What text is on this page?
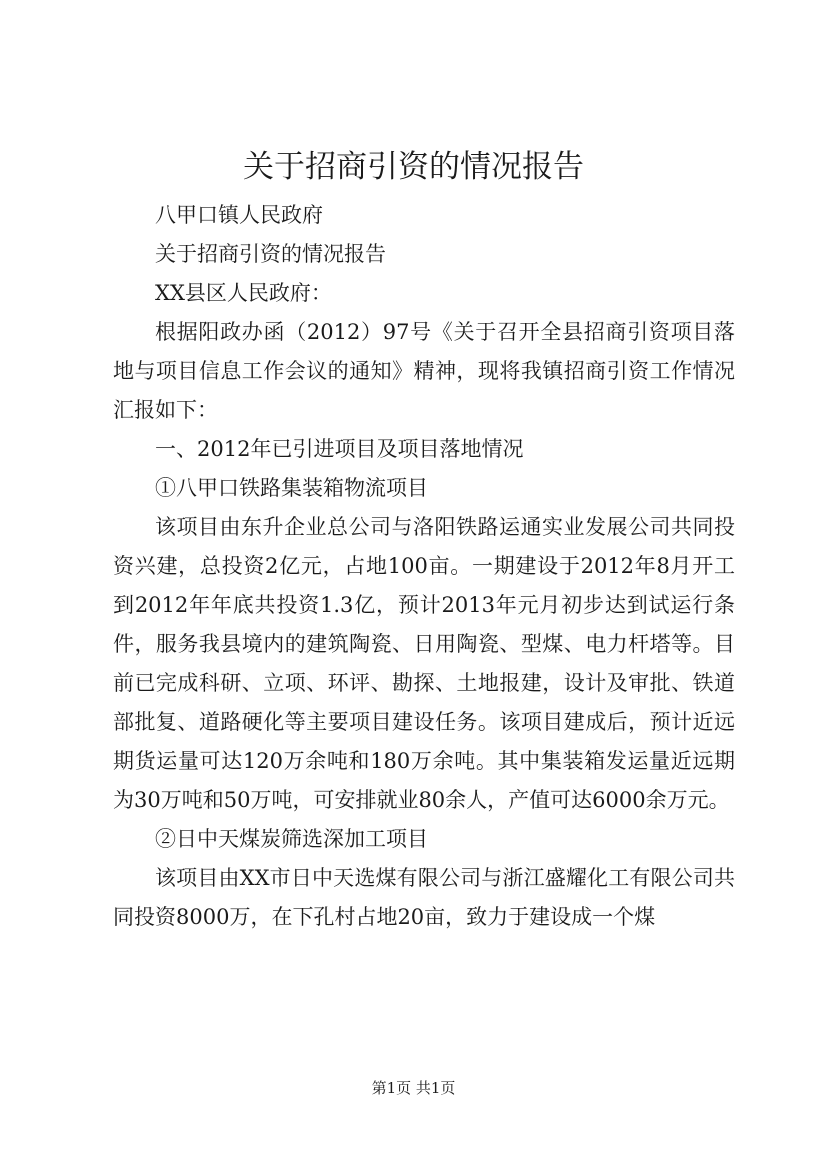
关于招商引资的情况报告

八甲口镇人民政府

关于招商引资的情况报告

XX县区人民政府：

根据阳政办函（2012）97号《关于召开全县招商引资项目落地与项目信息工作会议的通知》精神，现将我镇招商引资工作情况汇报如下：

一、2012年已引进项目及项目落地情况

①八甲口铁路集装箱物流项目

该项目由东升企业总公司与洛阳铁路运通实业发展公司共同投资兴建，总投资2亿元，占地100亩。一期建设于2012年8月开工到2012年年底共投资1.3亿，预计2013年元月初步达到试运行条件，服务我县境内的建筑陶瓷、日用陶瓷、型煤、电力杆塔等。目前已完成科研、立项、环评、勘探、土地报建，设计及审批、铁道部批复、道路硬化等主要项目建设任务。该项目建成后，预计近远期货运量可达120万余吨和180万余吨。其中集装箱发运量近远期为30万吨和50万吨，可安排就业80余人，产值可达6000余万元。

②日中天煤炭筛选深加工项目

该项目由XX市日中天选煤有限公司与浙江盛耀化工有限公司共同投资8000万，在下孔村占地20亩，致力于建设成一个煤

第1页 共1页
